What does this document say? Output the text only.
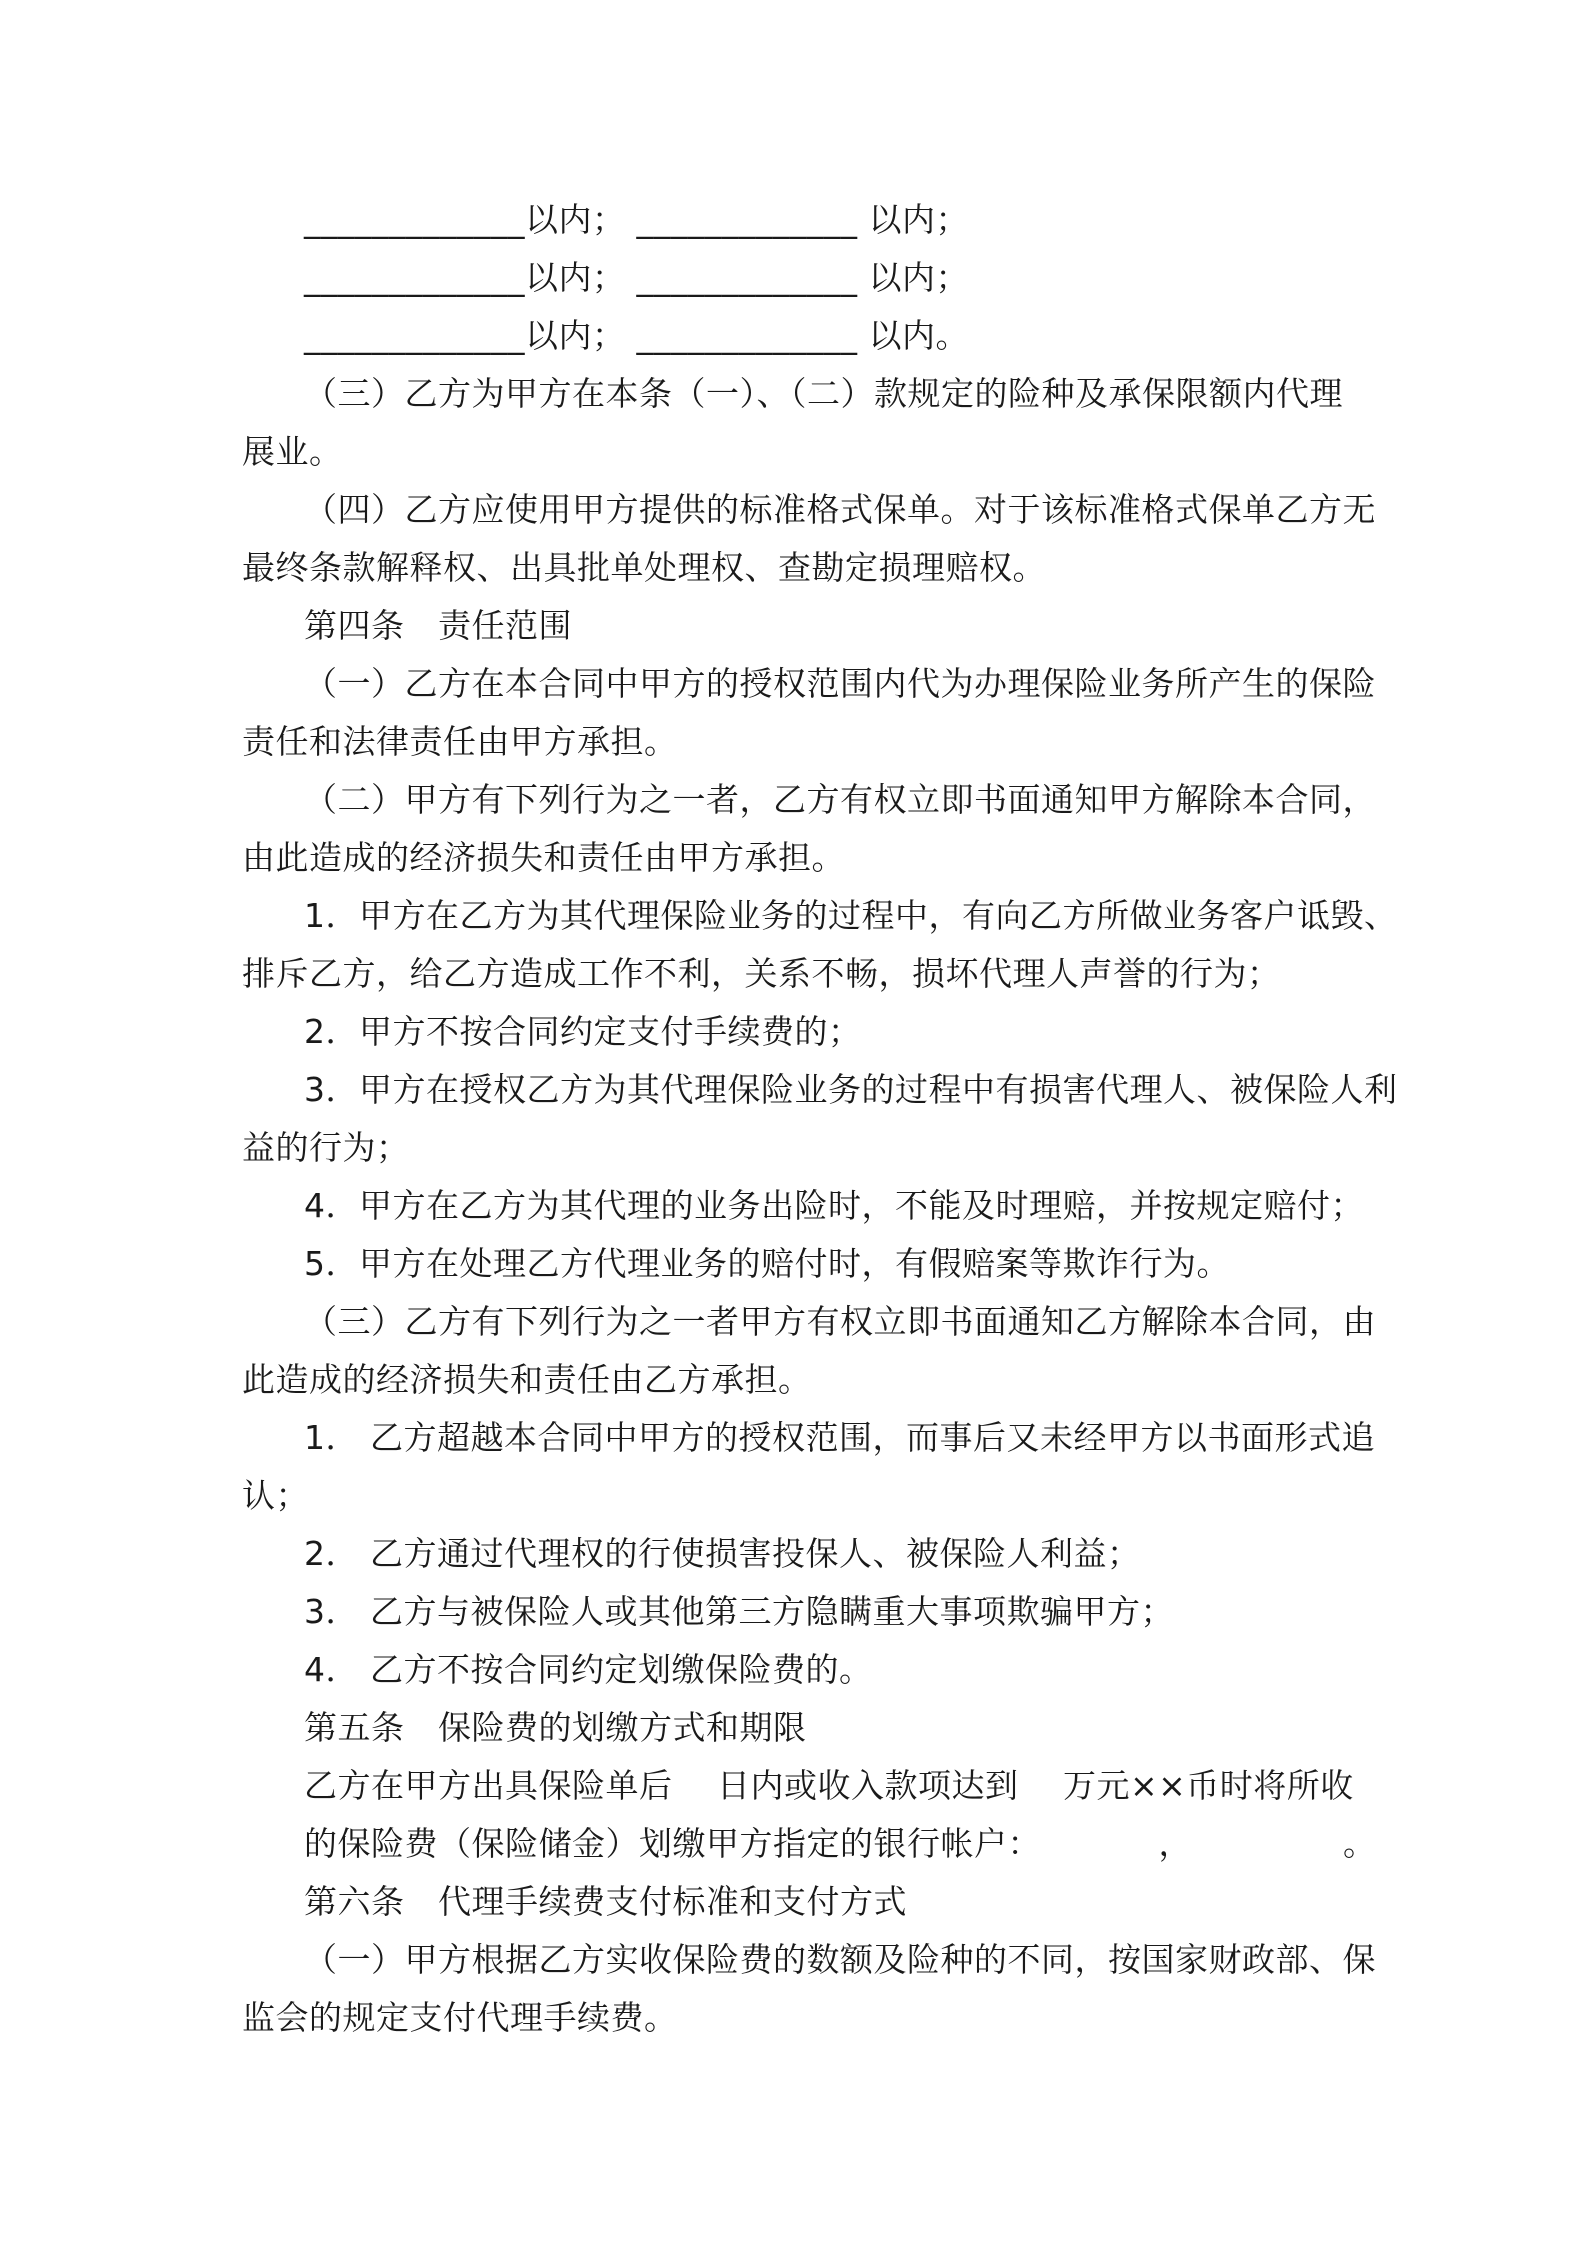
_____________以内； _____________ 以内；
_____________以内； _____________ 以内；
_____________以内； _____________ 以内。
（三）乙方为甲方在本条（一）、（二）款规定的险种及承保限额内代理
展业。
（四）乙方应使用甲方提供的标准格式保单。对于该标准格式保单乙方无
最终条款解释权、出具批单处理权、查勘定损理赔权。
第四条　责任范围
（一）乙方在本合同中甲方的授权范围内代为办理保险业务所产生的保险
责任和法律责任由甲方承担。
（二）甲方有下列行为之一者，乙方有权立即书面通知甲方解除本合同，
由此造成的经济损失和责任由甲方承担。
1．甲方在乙方为其代理保险业务的过程中，有向乙方所做业务客户诋毁、
排斥乙方，给乙方造成工作不利，关系不畅，损坏代理人声誉的行为；
2．甲方不按合同约定支付手续费的；
3．甲方在授权乙方为其代理保险业务的过程中有损害代理人、被保险人利
益的行为；
4．甲方在乙方为其代理的业务出险时，不能及时理赔，并按规定赔付；
5．甲方在处理乙方代理业务的赔付时，有假赔案等欺诈行为。
（三）乙方有下列行为之一者甲方有权立即书面通知乙方解除本合同，由
此造成的经济损失和责任由乙方承担。
1． 乙方超越本合同中甲方的授权范围，而事后又未经甲方以书面形式追
认；
2． 乙方通过代理权的行使损害投保人、被保险人利益；
3． 乙方与被保险人或其他第三方隐瞒重大事项欺骗甲方；
4． 乙方不按合同约定划缴保险费的。
第五条　保险费的划缴方式和期限
乙方在甲方出具保险单后　 日内或收入款项达到　 万元××币时将所收
的保险费（保险储金）划缴甲方指定的银行帐户：　　　　，　　　　　。
第六条　代理手续费支付标准和支付方式
（一）甲方根据乙方实收保险费的数额及险种的不同，按国家财政部、保
监会的规定支付代理手续费。
